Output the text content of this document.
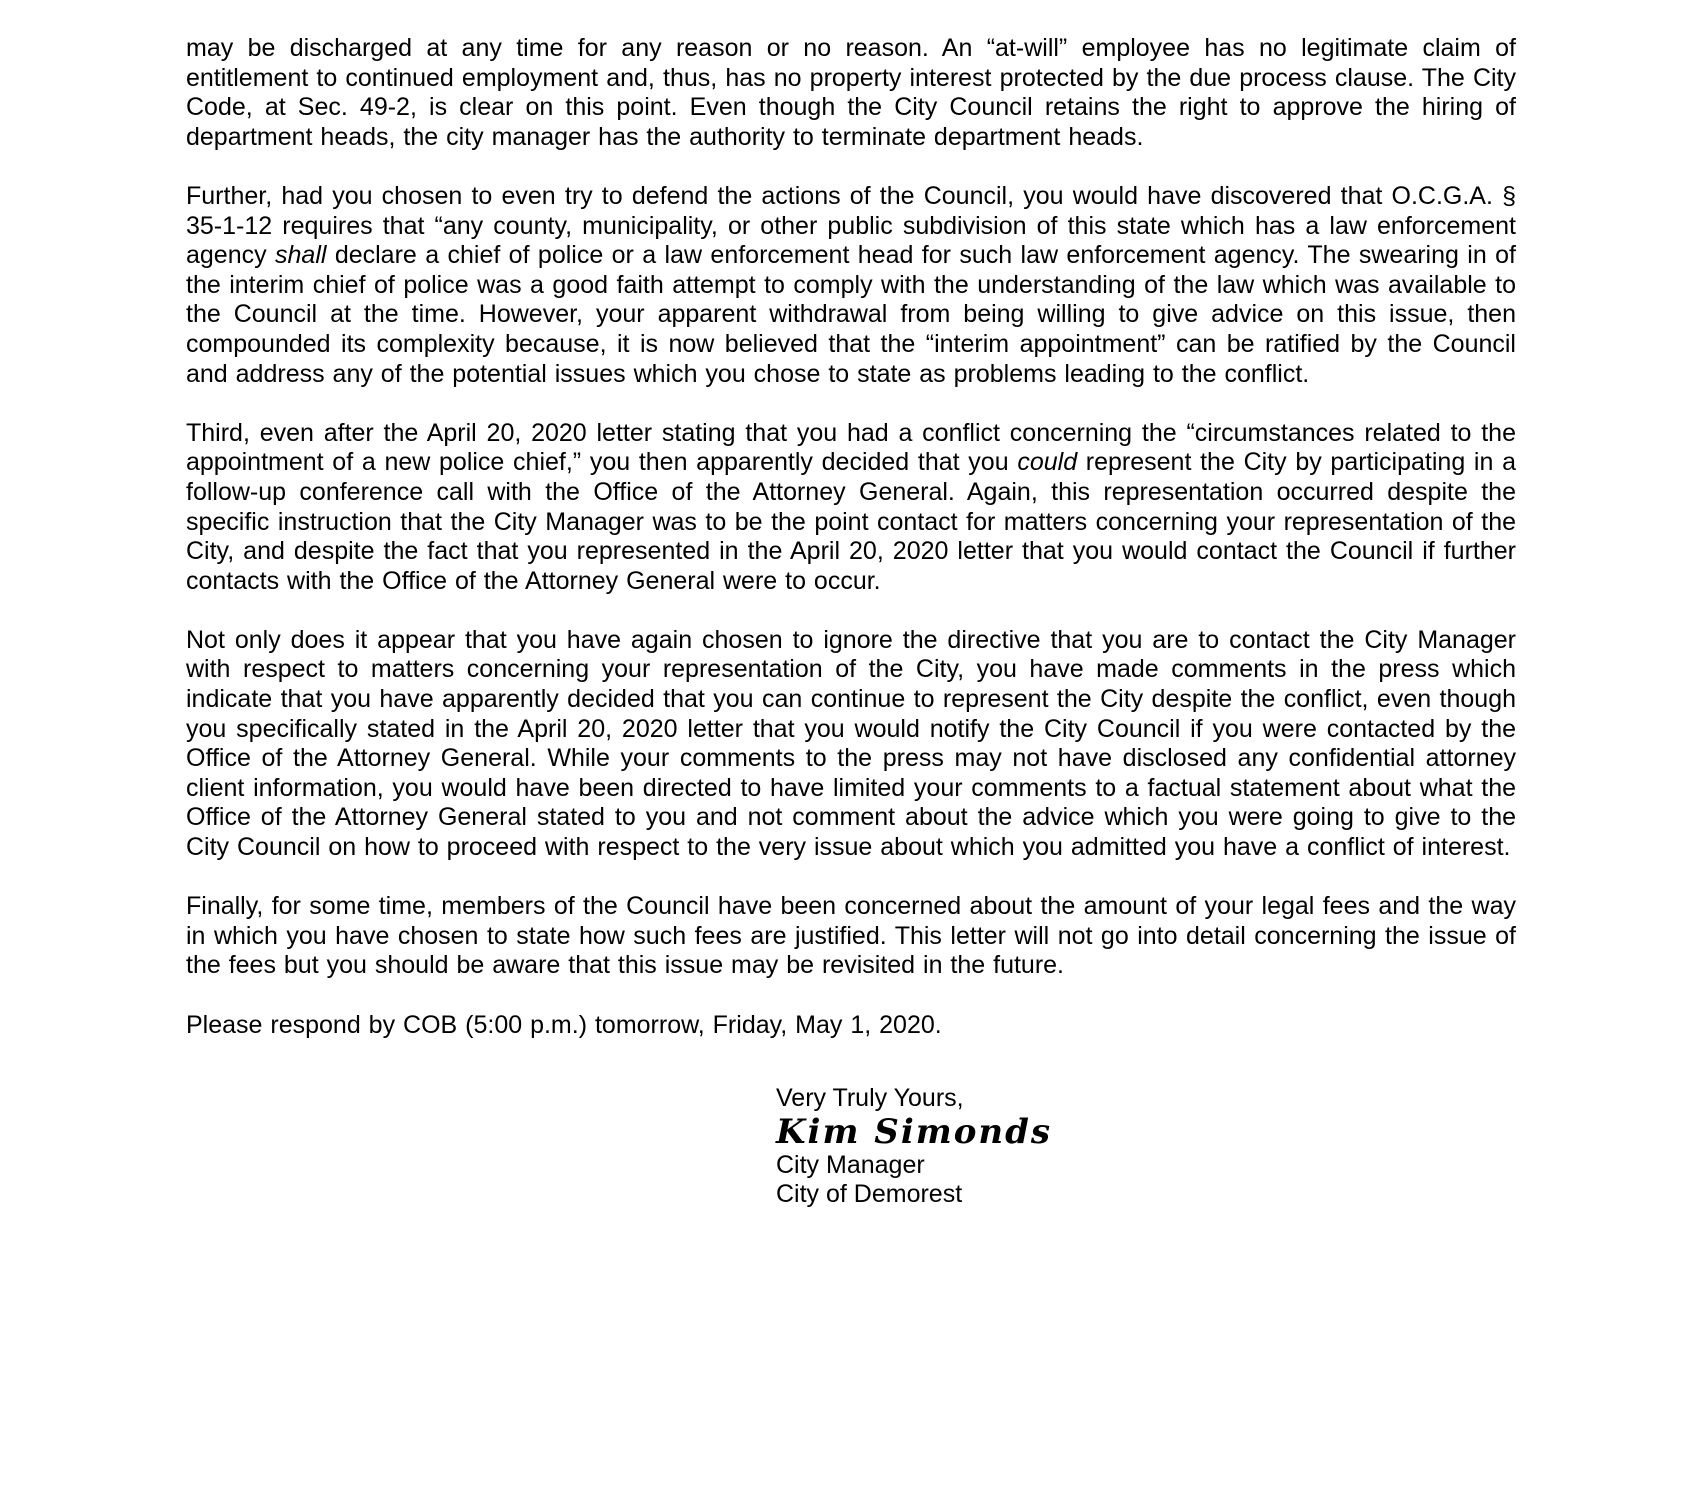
may be discharged at any time for any reason or no reason. An “at-will” employee has no legitimate claim of entitlement to continued employment and, thus, has no property interest protected by the due process clause. The City Code, at Sec. 49-2, is clear on this point. Even though the City Council retains the right to approve the hiring of department heads, the city manager has the authority to terminate department heads.

Further, had you chosen to even try to defend the actions of the Council, you would have discovered that O.C.G.A. § 35-1-12 requires that “any county, municipality, or other public subdivision of this state which has a law enforcement agency shall declare a chief of police or a law enforcement head for such law enforcement agency. The swearing in of the interim chief of police was a good faith attempt to comply with the understanding of the law which was available to the Council at the time. However, your apparent withdrawal from being willing to give advice on this issue, then compounded its complexity because, it is now believed that the “interim appointment” can be ratified by the Council and address any of the potential issues which you chose to state as problems leading to the conflict.

Third, even after the April 20, 2020 letter stating that you had a conflict concerning the “circumstances related to the appointment of a new police chief,” you then apparently decided that you could represent the City by participating in a follow-up conference call with the Office of the Attorney General. Again, this representation occurred despite the specific instruction that the City Manager was to be the point contact for matters concerning your representation of the City, and despite the fact that you represented in the April 20, 2020 letter that you would contact the Council if further contacts with the Office of the Attorney General were to occur.

Not only does it appear that you have again chosen to ignore the directive that you are to contact the City Manager with respect to matters concerning your representation of the City, you have made comments in the press which indicate that you have apparently decided that you can continue to represent the City despite the conflict, even though you specifically stated in the April 20, 2020 letter that you would notify the City Council if you were contacted by the Office of the Attorney General. While your comments to the press may not have disclosed any confidential attorney client information, you would have been directed to have limited your comments to a factual statement about what the Office of the Attorney General stated to you and not comment about the advice which you were going to give to the City Council on how to proceed with respect to the very issue about which you admitted you have a conflict of interest.

Finally, for some time, members of the Council have been concerned about the amount of your legal fees and the way in which you have chosen to state how such fees are justified. This letter will not go into detail concerning the issue of the fees but you should be aware that this issue may be revisited in the future.

Please respond by COB (5:00 p.m.) tomorrow, Friday, May 1, 2020.

Very Truly Yours,

Kim Simonds

City Manager

City of Demorest
